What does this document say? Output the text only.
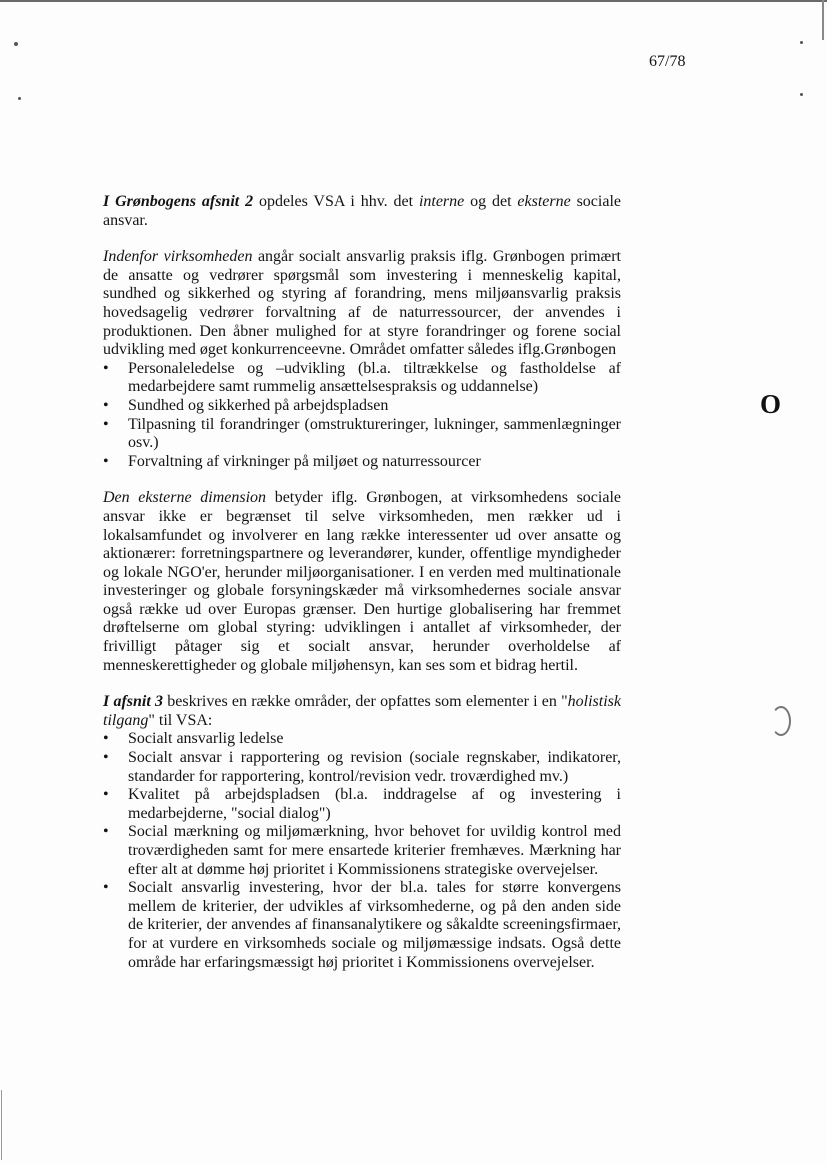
67/78
O

I Grønbogens afsnit 2 opdeles VSA i hhv. det interne og det eksterne sociale ansvar.

Indenfor virksomheden angår socialt ansvarlig praksis iflg. Grønbogen primært de ansatte og vedrører spørgsmål som investering i menneskelig kapital, sundhed og sikkerhed og styring af forandring, mens miljøansvarlig praksis hovedsagelig vedrører forvaltning af de naturressourcer, der anvendes i produktionen. Den åbner mulighed for at styre forandringer og forene social udvikling med øget konkurrenceevne. Området omfatter således iflg.Grønbogen

• Personaleledelse og –udvikling (bl.a. tiltrækkelse og fastholdelse af medarbejdere samt rummelig ansættelsespraksis og uddannelse)
• Sundhed og sikkerhed på arbejdspladsen
• Tilpasning til forandringer (omstruktureringer, lukninger, sammenlægninger osv.)
• Forvaltning af virkninger på miljøet og naturressourcer

Den eksterne dimension betyder iflg. Grønbogen, at virksomhedens sociale ansvar ikke er begrænset til selve virksomheden, men rækker ud i lokalsamfundet og involverer en lang række interessenter ud over ansatte og aktionærer: forretningspartnere og leverandører, kunder, offentlige myndigheder og lokale NGO'er, herunder miljøorganisationer. I en verden med multinationale investeringer og globale forsyningskæder må virksomhedernes sociale ansvar også række ud over Europas grænser. Den hurtige globalisering har fremmet drøftelserne om global styring: udviklingen i antallet af virksomheder, der frivilligt påtager sig et socialt ansvar, herunder overholdelse af menneskerettigheder og globale miljøhensyn, kan ses som et bidrag hertil.

I afsnit 3 beskrives en række områder, der opfattes som elementer i en "holistisk tilgang" til VSA:

• Socialt ansvarlig ledelse
• Socialt ansvar i rapportering og revision (sociale regnskaber, indikatorer, standarder for rapportering, kontrol/revision vedr. troværdighed mv.)
• Kvalitet på arbejdspladsen (bl.a. inddragelse af og investering i medarbejderne, "social dialog")
• Social mærkning og miljømærkning, hvor behovet for uvildig kontrol med troværdigheden samt for mere ensartede kriterier fremhæves. Mærkning har efter alt at dømme høj prioritet i Kommissionens strategiske overvejelser.
• Socialt ansvarlig investering, hvor der bl.a. tales for større konvergens mellem de kriterier, der udvikles af virksomhederne, og på den anden side de kriterier, der anvendes af finansanalytikere og såkaldte screeningsfirmaer, for at vurdere en virksomheds sociale og miljømæssige indsats. Også dette område har erfaringsmæssigt høj prioritet i Kommissionens overvejelser.
